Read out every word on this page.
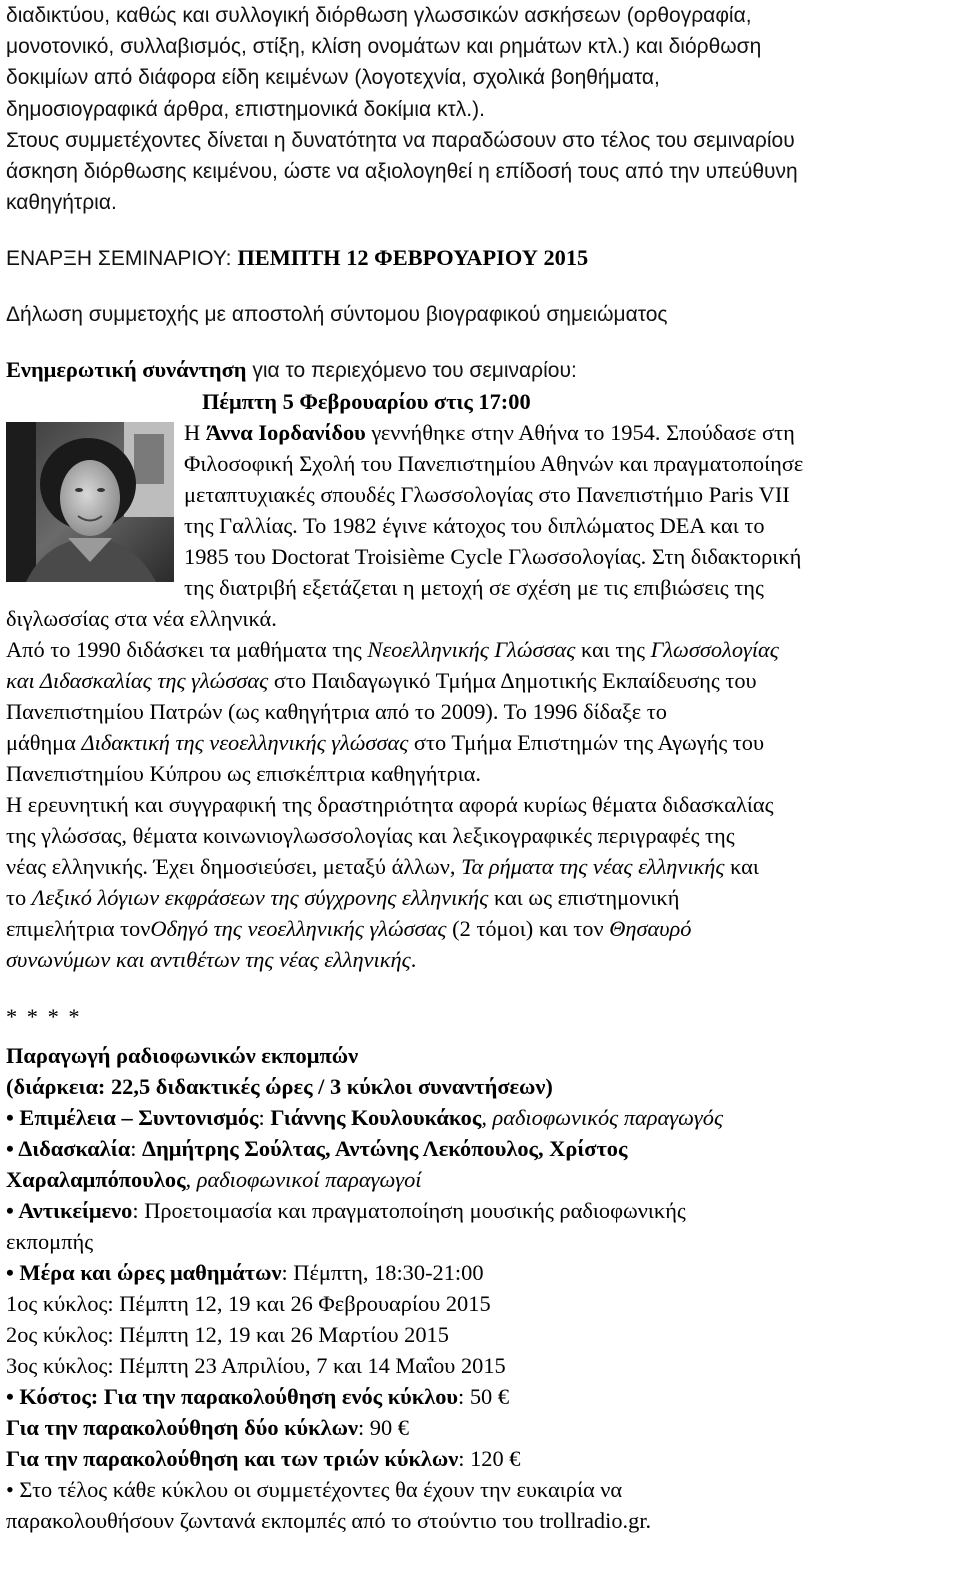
διαδικτύου, καθώς και συλλογική διόρθωση γλωσσικών ασκήσεων (ορθογραφία,

μονοτονικό, συλλαβισμός, στίξη, κλίση ονομάτων και ρημάτων κτλ.) και διόρθωση

δοκιμίων από διάφορα είδη κειμένων (λογοτεχνία, σχολικά βοηθήματα,

δημοσιογραφικά άρθρα, επιστημονικά δοκίμια κτλ.).

Στους συμμετέχοντες δίνεται η δυνατότητα να παραδώσουν στο τέλος του σεμιναρίου

άσκηση διόρθωσης κειμένου, ώστε να αξιολογηθεί η επίδοσή τους από την υπεύθυνη

καθηγήτρια.

ΕΝΑΡΞΗ ΣΕΜΙΝΑΡΙΟΥ: ΠΕΜΠΤΗ 12 ΦΕΒΡΟΥΑΡΙΟΥ 2015

Δήλωση συμμετοχής με αποστολή σύντομου βιογραφικού σημειώματος

Ενημερωτική συνάντηση για το περιεχόμενο του σεμιναρίου:

Πέμπτη 5 Φεβρουαρίου στις 17:00

Η Άννα Ιορδανίδου γεννήθηκε στην Αθήνα το 1954. Σπούδασε στη

Φιλοσοφική Σχολή του Πανεπιστημίου Αθηνών και πραγματοποίησε

μεταπτυχιακές σπουδές Γλωσσολογίας στο Πανεπιστήμιο Paris VII

της Γαλλίας. Το 1982 έγινε κάτοχος του διπλώματος DEA και το

1985 του Doctorat Troisième Cycle Γλωσσολογίας. Στη διδακτορική

της διατριβή εξετάζεται η μετοχή σε σχέση με τις επιβιώσεις της

διγλωσσίας στα νέα ελληνικά.

Από το 1990 διδάσκει τα μαθήματα της Νεοελληνικής Γλώσσας και της Γλωσσολογίας

και Διδασκαλίας της γλώσσας στο Παιδαγωγικό Τμήμα Δημοτικής Εκπαίδευσης του

Πανεπιστημίου Πατρών (ως καθηγήτρια από το 2009). Το 1996 δίδαξε το

μάθημα Διδακτική της νεοελληνικής γλώσσας στο Τμήμα Επιστημών της Αγωγής του

Πανεπιστημίου Κύπρου ως επισκέπτρια καθηγήτρια.

Η ερευνητική και συγγραφική της δραστηριότητα αφορά κυρίως θέματα διδασκαλίας

της γλώσσας, θέματα κοινωνιογλωσσολογίας και λεξικογραφικές περιγραφές της

νέας ελληνικής. Έχει δημοσιεύσει, μεταξύ άλλων, Τα ρήματα της νέας ελληνικής και

το Λεξικό λόγιων εκφράσεων της σύγχρονης ελληνικής και ως επιστημονική

επιμελήτρια τονΟδηγό της νεοελληνικής γλώσσας (2 τόμοι) και τον Θησαυρό

συνωνύμων και αντιθέτων της νέας ελληνικής.

* * * *

Παραγωγή ραδιοφωνικών εκπομπών

(διάρκεια: 22,5 διδακτικές ώρες / 3 κύκλοι συναντήσεων)

• Επιμέλεια – Συντονισμός: Γιάννης Κουλουκάκος, ραδιοφωνικός παραγωγός

• Διδασκαλία: Δημήτρης Σούλτας, Αντώνης Λεκόπουλος, Χρίστος

Χαραλαμπόπουλος, ραδιοφωνικοί παραγωγοί

• Αντικείμενο: Προετοιμασία και πραγματοποίηση μουσικής ραδιοφωνικής

εκπομπής

• Μέρα και ώρες μαθημάτων: Πέμπτη, 18:30-21:00

1ος κύκλος: Πέμπτη 12, 19 και 26 Φεβρουαρίου 2015

2ος κύκλος: Πέμπτη 12, 19 και 26 Μαρτίου 2015

3ος κύκλος: Πέμπτη 23 Απριλίου, 7 και 14 Μαΐου 2015

• Κόστος: Για την παρακολούθηση ενός κύκλου: 50 €

Για την παρακολούθηση δύο κύκλων: 90 €

Για την παρακολούθηση και των τριών κύκλων: 120 €

• Στο τέλος κάθε κύκλου οι συμμετέχοντες θα έχουν την ευκαιρία να

παρακολουθήσουν ζωντανά εκπομπές από το στούντιο του trollradio.gr.
